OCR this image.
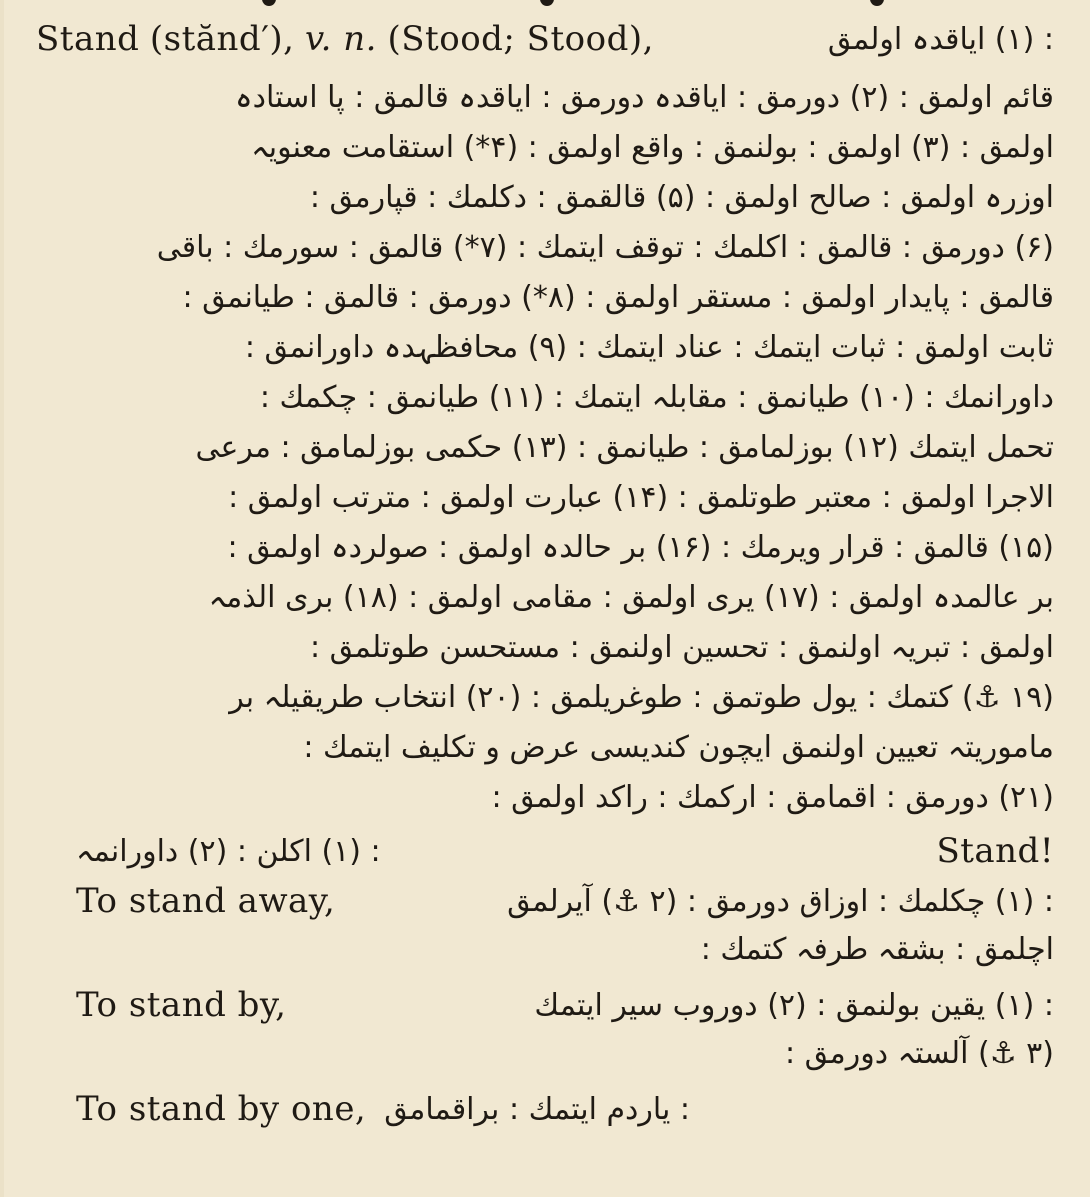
Stand (stănd′), v. n. (Stood; Stood),	: (۱) اياقدہ اولمق
قائم اولمق : (۲) دورمق : اياقدہ دورمق : اياقدہ قالمق : پا استادہ
اولمق : (۳) اولمق : بولنمق : واقع اولمق : (۴*) استقامت معنويہ
اوزرہ اولمق : صالح اولمق : (۵) قالقمق : دكلمك : قپارمق :
(۶) دورمق : قالمق : اكلمك : توقف ايتمك : (۷*) قالمق : سورمك : باقى
قالمق : پايدار اولمق : مستقر اولمق : (۸*) دورمق : قالمق : طيانمق :
ثابت اولمق : ثبات ايتمك : عناد ايتمك : (۹) محافظہدہ داورانمق :
داورانمك : (۱۰) طيانمق : مقابلہ ايتمك : (۱۱) طيانمق : چكمك :
تحمل ايتمك (۱۲) بوزلمامق : طيانمق : (۱۳) حكمى بوزلمامق : مرعى
الاجرا اولمق : معتبر طوتلمق : (۱۴) عبارت اولمق : مترتب اولمق :
(۱۵) قالمق : قرار ويرمك : (۱۶) بر حالدہ اولمق : صولردہ اولمق :
بر عالمدہ اولمق : (۱۷) يرى اولمق : مقامى اولمق : (۱۸) برى الذمہ
اولمق : تبريہ اولنمق : تحسين اولنمق : مستحسن طوتلمق :
(۱۹ ⚓) كتمك : يول طوتمق : طوغريلمق : (۲۰) انتخاب طريقيلہ بر
ماموريتہ تعيين اولنمق ايچون كنديسى عرض و تكليف ايتمك :
(۲۱) دورمق : اقمامق : اركمك : راكد اولمق :
: (۱) اكلن : (۲) داورانمہ	Stand!
To stand away,	: (۱) چكلمك : اوزاق دورمق : (۲ ⚓) آيرلمق
اچلمق : بشقہ طرفہ كتمك :
To stand by,	: (۱) يقين بولنمق : (۲) دوروب سير ايتمك
(۳ ⚓) آلستہ دورمق :
To stand by one, : ياردم ايتمك : براقمامق
